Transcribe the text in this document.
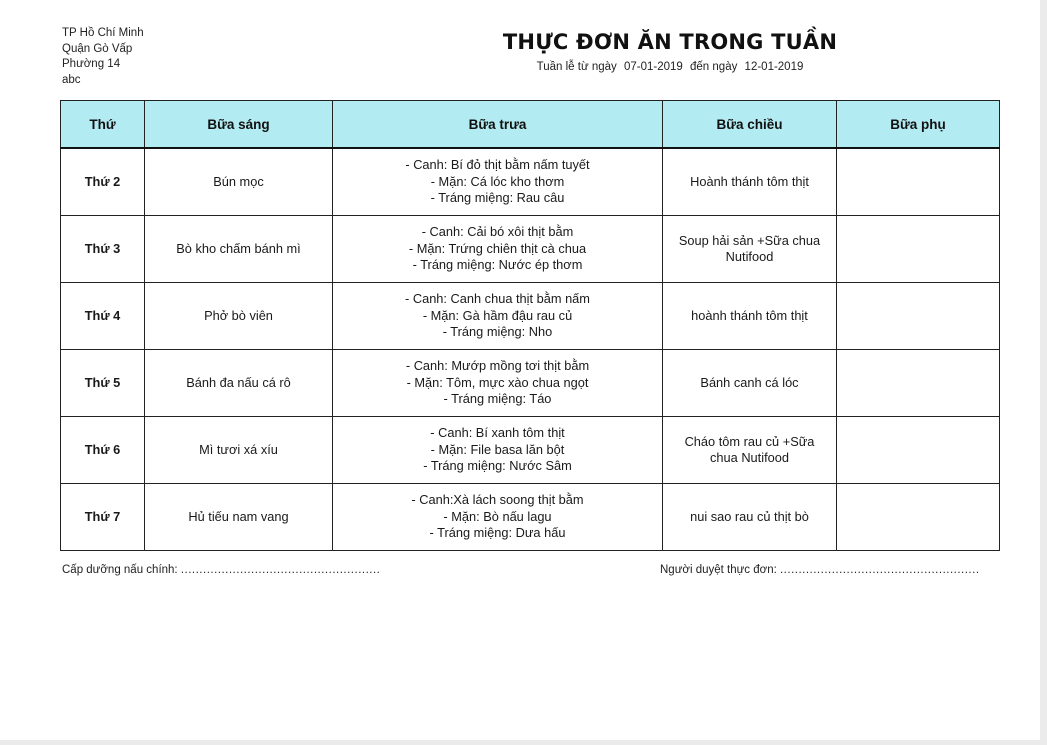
TP Hồ Chí Minh
Quận Gò Vấp
Phường 14
abc
THỰC ĐƠN ĂN TRONG TUẦN
Tuần lễ từ ngày 07-01-2019 đến ngày 12-01-2019
Thứ	Bữa sáng	Bữa trưa	Bữa chiều	Bữa phụ
Thứ 2	Bún mọc	- Canh: Bí đỏ thịt bằm nấm tuyết
- Mặn: Cá lóc kho thơm
- Tráng miệng: Rau câu	Hoành thánh tôm thịt	

Thứ 3	Bò kho chấm bánh mì	- Canh: Cải bó xôi thịt bằm
- Mặn: Trứng chiên thịt cà chua
- Tráng miệng: Nước ép thơm	Soup hải sản +Sữa chua
Nutifood	

Thứ 4	Phở bò viên	- Canh: Canh chua thịt bằm nấm
- Mặn: Gà hầm đậu rau củ
- Tráng miệng: Nho	hoành thánh tôm thịt	

Thứ 5	Bánh đa nấu cá rô	- Canh: Mướp mồng tơi thịt bằm
- Mặn: Tôm, mực xào chua ngọt
- Tráng miệng: Táo	Bánh canh cá lóc	

Thứ 6	Mì tươi xá xíu	- Canh: Bí xanh tôm thịt
- Mặn: File basa lăn bột
- Tráng miệng: Nước Sâm	Cháo tôm rau củ +Sữa
chua Nutifood	

Thứ 7	Hủ tiếu nam vang	- Canh:Xà lách soong thịt bằm
- Mặn: Bò nấu lagu
- Tráng miệng: Dưa hấu	nui sao rau củ thịt bò	

Cấp dưỡng nấu chính: ......................................................	Người duyệt thực đơn: ......................................................
